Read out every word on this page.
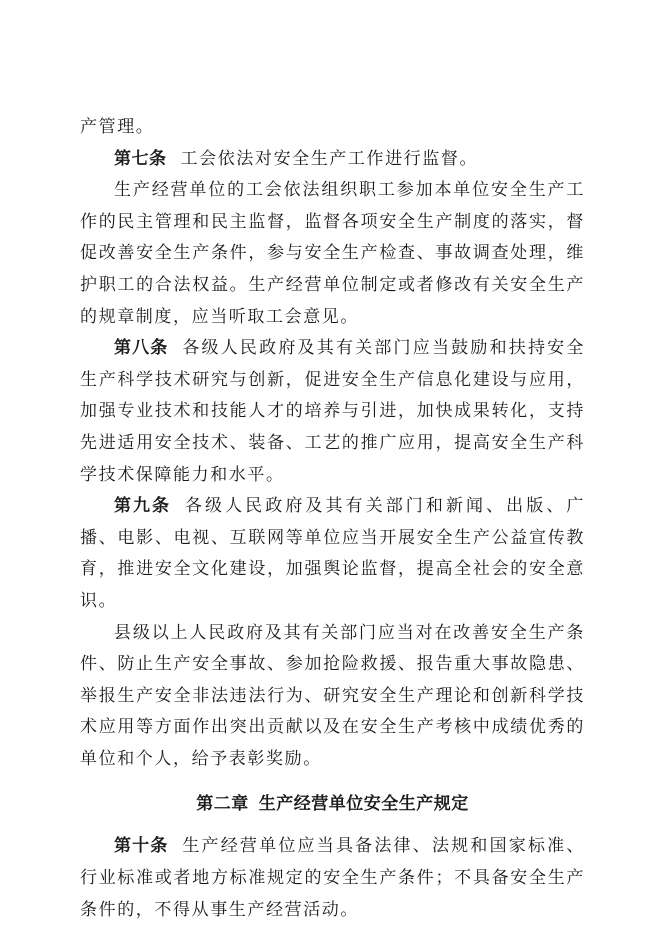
产管理。

第七条 工会依法对安全生产工作进行监督。

生产经营单位的工会依法组织职工参加本单位安全生产工作的民主管理和民主监督，监督各项安全生产制度的落实，督促改善安全生产条件，参与安全生产检查、事故调查处理，维护职工的合法权益。生产经营单位制定或者修改有关安全生产的规章制度，应当听取工会意见。

第八条 各级人民政府及其有关部门应当鼓励和扶持安全生产科学技术研究与创新，促进安全生产信息化建设与应用，加强专业技术和技能人才的培养与引进，加快成果转化，支持先进适用安全技术、装备、工艺的推广应用，提高安全生产科学技术保障能力和水平。

第九条 各级人民政府及其有关部门和新闻、出版、广播、电影、电视、互联网等单位应当开展安全生产公益宣传教育，推进安全文化建设，加强舆论监督，提高全社会的安全意识。

县级以上人民政府及其有关部门应当对在改善安全生产条件、防止生产安全事故、参加抢险救援、报告重大事故隐患、举报生产安全非法违法行为、研究安全生产理论和创新科学技术应用等方面作出突出贡献以及在安全生产考核中成绩优秀的单位和个人，给予表彰奖励。

第二章 生产经营单位安全生产规定

第十条 生产经营单位应当具备法律、法规和国家标准、行业标准或者地方标准规定的安全生产条件；不具备安全生产条件的，不得从事生产经营活动。
